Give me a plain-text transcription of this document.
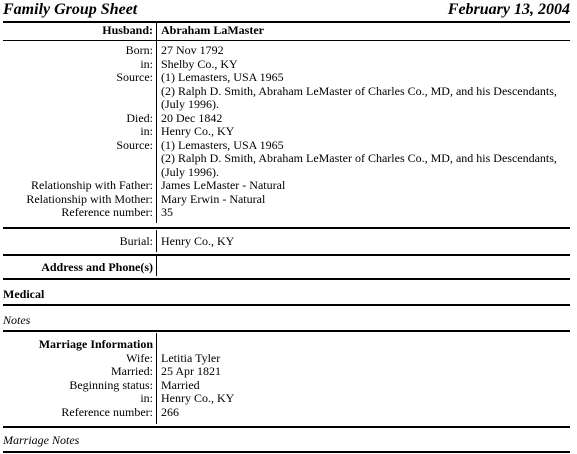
Family Group Sheet	February 13, 2004
Husband: Abraham LaMaster
Born: 27 Nov 1792
in: Shelby Co., KY
Source: (1) Lemasters, USA 1965
(2) Ralph D. Smith, Abraham LeMaster of Charles Co., MD, and his Descendants,
(July 1996).
Died: 20 Dec 1842
in: Henry Co., KY
Source: (1) Lemasters, USA 1965
(2) Ralph D. Smith, Abraham LeMaster of Charles Co., MD, and his Descendants,
(July 1996).
Relationship with Father: James LeMaster - Natural
Relationship with Mother: Mary Erwin - Natural
Reference number: 35
Burial: Henry Co., KY
Address and Phone(s)
Medical
Notes
Marriage Information
Wife: Letitia Tyler
Married: 25 Apr 1821
Beginning status: Married
in: Henry Co., KY
Reference number: 266
Marriage Notes
